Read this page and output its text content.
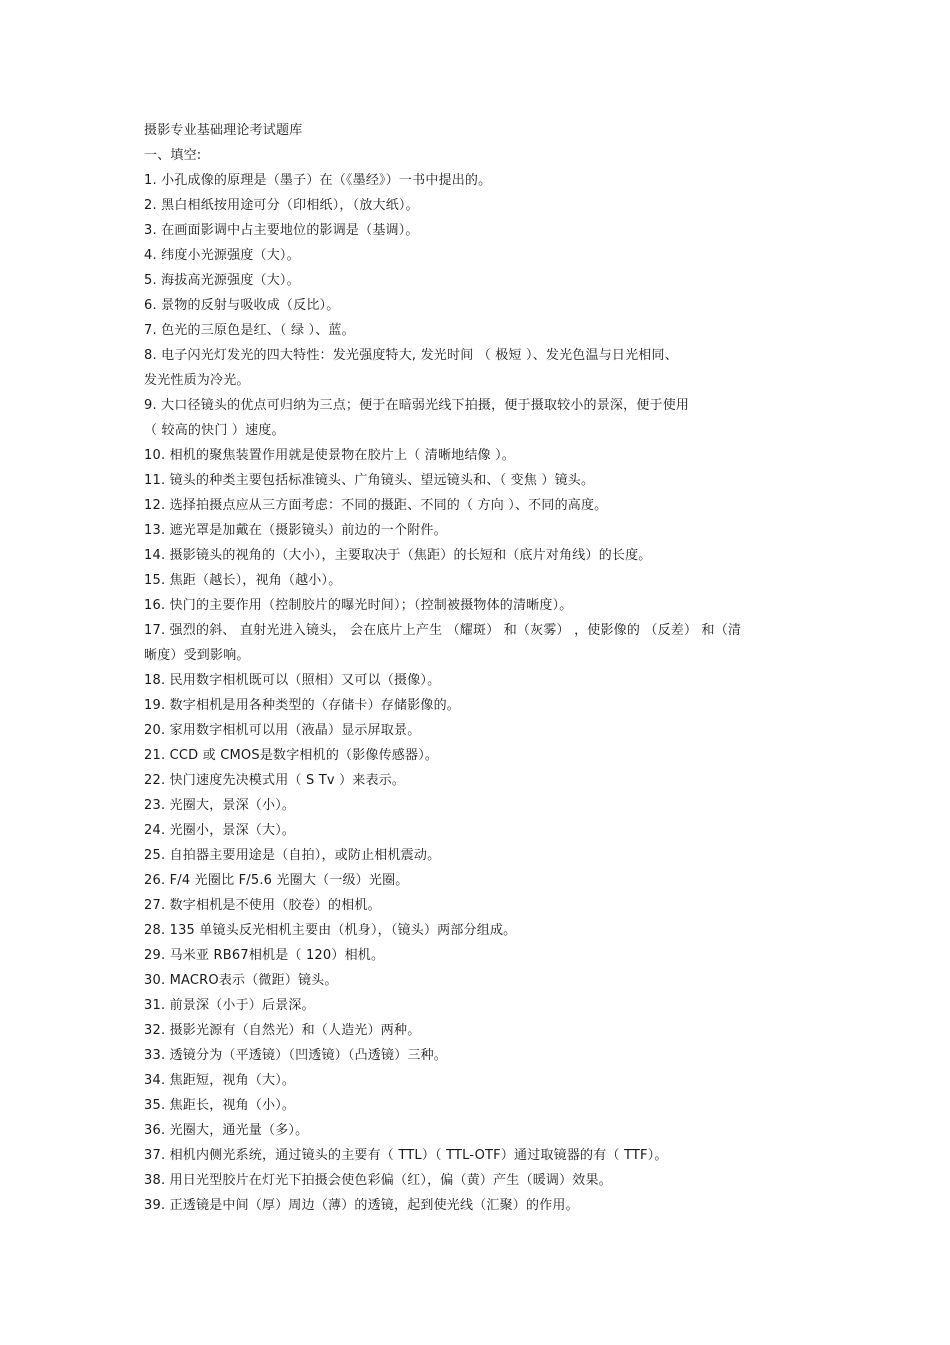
摄影专业基础理论考试题库
一、填空:
1. 小孔成像的原理是（墨子）在（《墨经》）一书中提出的。
2. 黑白相纸按用途可分（印相纸），（放大纸）。
3. 在画面影调中占主要地位的影调是（基调）。
4. 纬度小光源强度（大）。
5. 海拔高光源强度（大）。
6. 景物的反射与吸收成（反比）。
7. 色光的三原色是红、（ 绿 ）、蓝。
8. 电子闪光灯发光的四大特性：发光强度特大, 发光时间 （ 极短 ）、发光色温与日光相同、
发光性质为冷光。
9. 大口径镜头的优点可归纳为三点；便于在暗弱光线下拍摄，便于摄取较小的景深，便于使用
（ 较高的快门 ）速度。
10. 相机的聚焦装置作用就是使景物在胶片上（ 清晰地结像 ）。
11. 镜头的种类主要包括标准镜头、广角镜头、望远镜头和、（ 变焦 ）镜头。
12. 选择拍摄点应从三方面考虑：不同的摄距、不同的（ 方向 ）、不同的高度。
13. 遮光罩是加戴在（摄影镜头）前边的一个附件。
14. 摄影镜头的视角的（大小），主要取决于（焦距）的长短和（底片对角线）的长度。
15. 焦距（越长），视角（越小）。
16. 快门的主要作用（控制胶片的曝光时间）；（控制被摄物体的清晰度）。
17. 强烈的斜、 直射光进入镜头， 会在底片上产生 （耀斑） 和（灰雾） ，使影像的 （反差） 和（清
晰度）受到影响。
18. 民用数字相机既可以（照相）又可以（摄像）。
19. 数字相机是用各种类型的（存储卡）存储影像的。
20. 家用数字相机可以用（液晶）显示屏取景。
21. CCD 或 CMOS是数字相机的（影像传感器）。
22. 快门速度先决模式用（ S Tv ）来表示。
23. 光圈大，景深（小）。
24. 光圈小，景深（大）。
25. 自拍器主要用途是（自拍），或防止相机震动。
26. F/4 光圈比 F/5.6 光圈大（一级）光圈。
27. 数字相机是不使用（胶卷）的相机。
28. 135 单镜头反光相机主要由（机身），（镜头）两部分组成。
29. 马米亚 RB67相机是（ 120）相机。
30. MACRO表示（微距）镜头。
31. 前景深（小于）后景深。
32. 摄影光源有（自然光）和（人造光）两种。
33. 透镜分为（平透镜）（凹透镜）（凸透镜）三种。
34. 焦距短，视角（大）。
35. 焦距长，视角（小）。
36. 光圈大，通光量（多）。
37. 相机内侧光系统，通过镜头的主要有（ TTL）（ TTL-OTF）通过取镜器的有（ TTF）。
38. 用日光型胶片在灯光下拍摄会使色彩偏（红），偏（黄）产生（暖调）效果。
39. 正透镜是中间（厚）周边（薄）的透镜，起到使光线（汇聚）的作用。
